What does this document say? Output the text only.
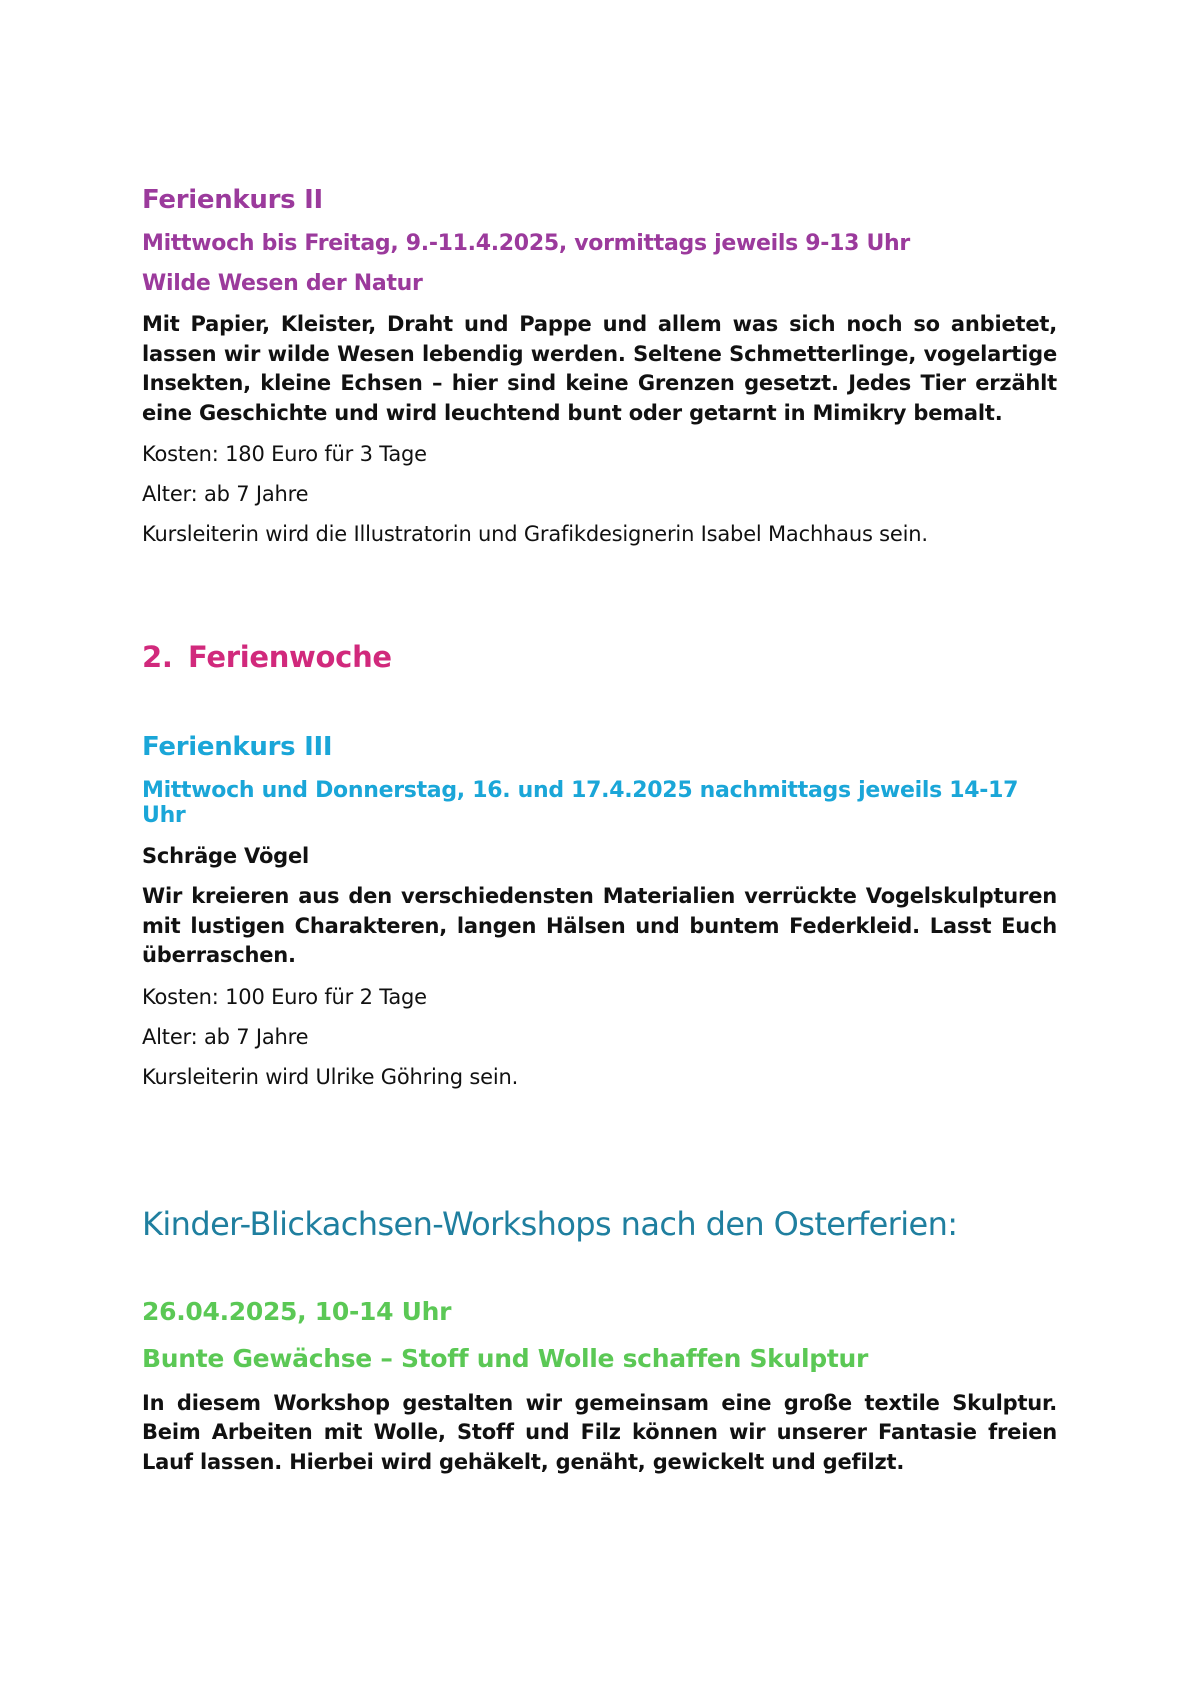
Ferienkurs II

Mittwoch bis Freitag, 9.-11.4.2025, vormittags jeweils 9-13 Uhr

Wilde Wesen der Natur

Mit Papier, Kleister, Draht und Pappe und allem was sich noch so anbietet, lassen wir wilde Wesen lebendig werden. Seltene Schmetterlinge, vogelartige Insekten, kleine Echsen – hier sind keine Grenzen gesetzt. Jedes Tier erzählt eine Geschichte und wird leuchtend bunt oder getarnt in Mimikry bemalt.

Kosten: 180 Euro für 3 Tage

Alter: ab 7 Jahre

Kursleiterin wird die Illustratorin und Grafikdesignerin Isabel Machhaus sein.

2. Ferienwoche
Ferienkurs III

Mittwoch und Donnerstag, 16. und 17.4.2025 nachmittags jeweils 14-17 Uhr

Schräge Vögel

Wir kreieren aus den verschiedensten Materialien verrückte Vogelskulpturen mit lustigen Charakteren, langen Hälsen und buntem Federkleid. Lasst Euch überraschen.

Kosten: 100 Euro für 2 Tage

Alter: ab 7 Jahre

Kursleiterin wird Ulrike Göhring sein.

Kinder-Blickachsen-Workshops nach den Osterferien:

26.04.2025, 10-14 Uhr

Bunte Gewächse – Stoff und Wolle schaffen Skulptur

In diesem Workshop gestalten wir gemeinsam eine große textile Skulptur. Beim Arbeiten mit Wolle, Stoff und Filz können wir unserer Fantasie freien Lauf lassen. Hierbei wird gehäkelt, genäht, gewickelt und gefilzt.
